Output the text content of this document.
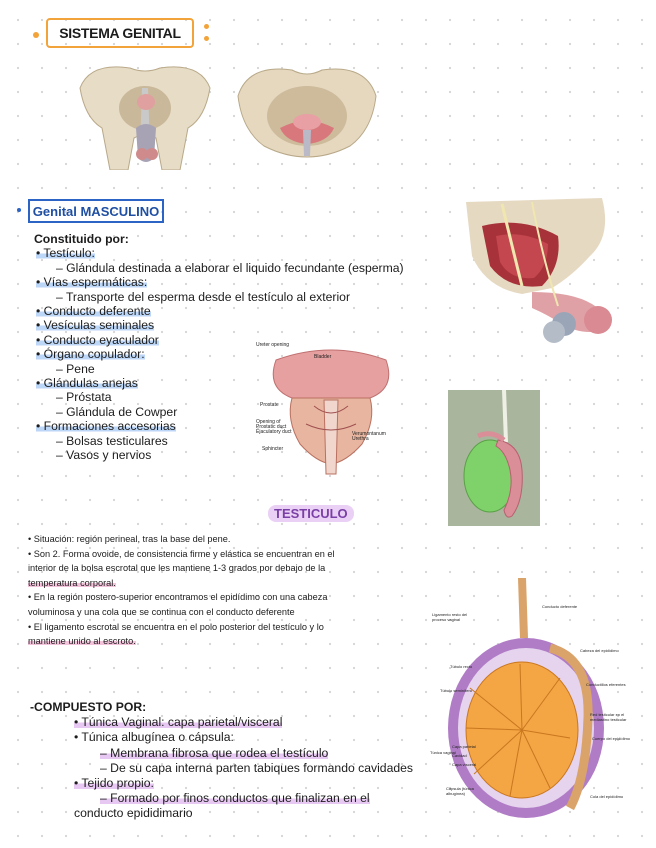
SISTEMA GENITAL
Genital MASCULINO
Constituido por:
• Testículo:
– Glándula destinada a elaborar el liquido fecundante (esperma)
• Vías espermáticas:
– Transporte del esperma desde el testículo al exterior
• Conducto deferente
• Vesículas seminales
• Conducto eyaculador
• Órgano copulador:
– Pene
• Glándulas anejas
– Próstata
– Glándula de Cowper
• Formaciones accesorias
– Bolsas testiculares
– Vasos y nervios
Ureter opening
Bladder
Prostate
Opening of
Prostatic duct
Ejaculatory duct	Verumontanum
Urethra
Sphincter
TESTICULO
• Situación: región perineal, tras la base del pene.
• Son 2. Forma ovoide, de consistencia firme y elástica se encuentran en el
interior de la bolsa escrotal que les mantiene 1-3 grados por debajo de la
temperatura corporal.
• En la región postero-superior encontramos el epidídimo con una cabeza
voluminosa y una cola que se continua con el conducto deferente
• El ligamento escrotal se encuentra en el polo posterior del testículo y lo
mantiene unido al escroto.
-COMPUESTO POR:
• Túnica Vaginal: capa parietal/visceral
• Túnica albugínea o cápsula:
– Membrana fibrosa que rodea el testículo
– De su capa interna parten tabiques formando cavidades
• Tejido propio:
– Formado por finos conductos que finalizan en el
conducto epididimario
Ligamento resto del proceso vaginal
Túbulo recto
Túbulo seminífero
Capa parietal
Cavidad
Capa visceral
Túnica vaginal
Cápsula (túnica albugínea)
Conducto deferente
Cabeza del epidídimo
Conductillos eferentes
Red testicular en el mediastino testicular
Cuerpo del epidídimo
Cola del epidídimo
